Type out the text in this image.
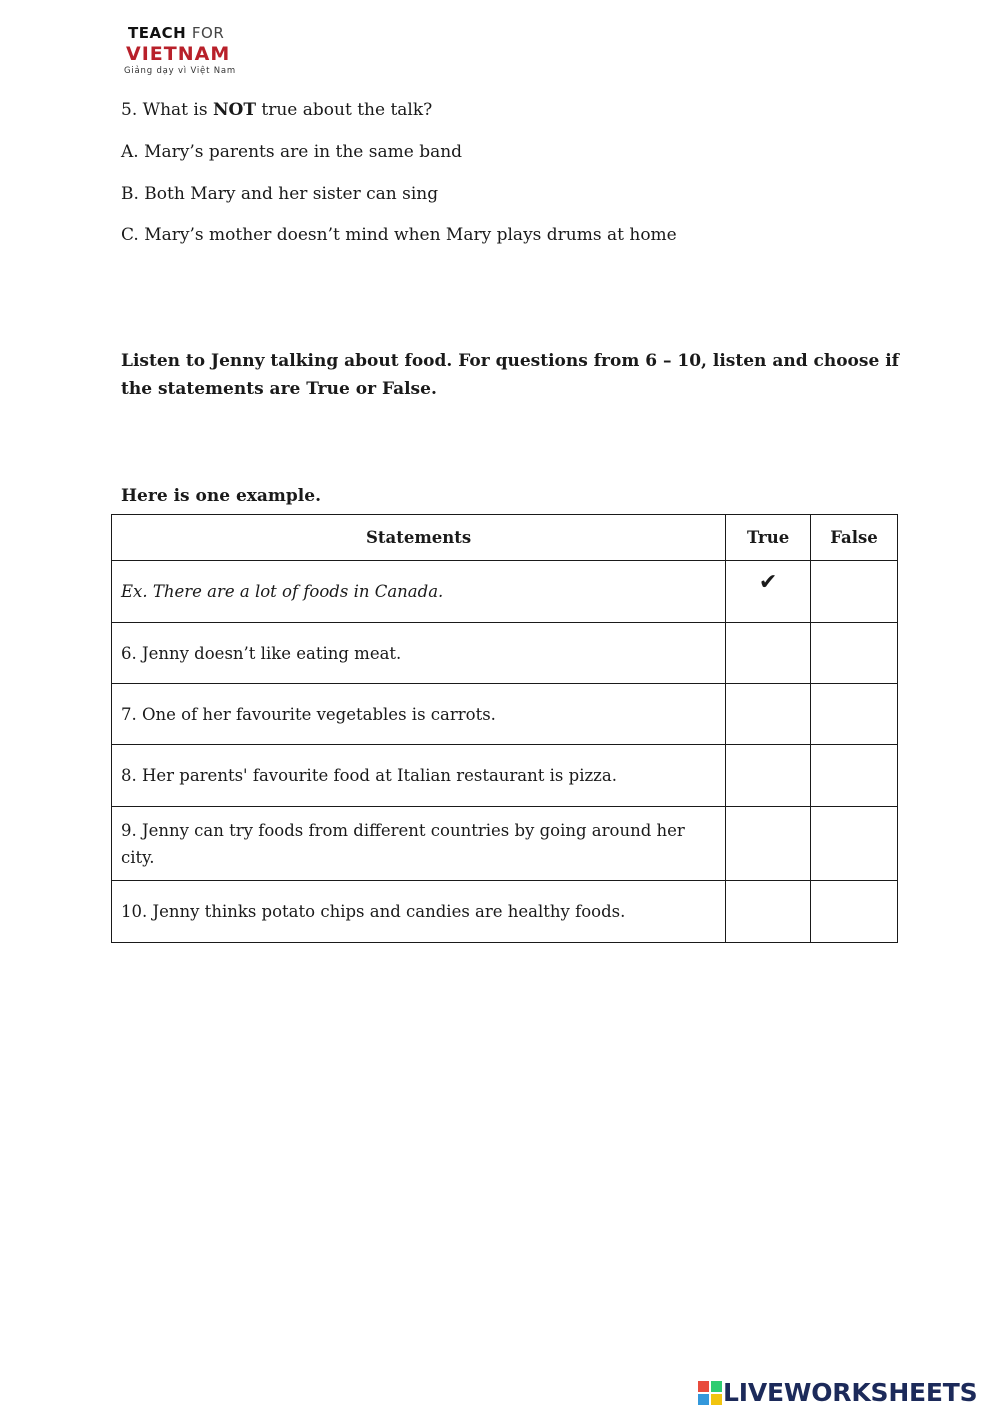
TEACH FOR
VIETNAM
Giảng dạy vì Việt Nam
5. What is NOT true about the talk?
A. Mary’s parents are in the same band
B. Both Mary and her sister can sing
C. Mary’s mother doesn’t mind when Mary plays drums at home
Listen to Jenny talking about food. For questions from 6 – 10, listen and choose if the statements are True or False.
Here is one example.
Statements	True	False
Ex. There are a lot of foods in Canada.	✔	
6. Jenny doesn’t like eating meat.		
7. One of her favourite vegetables is carrots.		
8. Her parents' favourite food at Italian restaurant is pizza.		
9. Jenny can try foods from different countries by going around her city.		
10. Jenny thinks potato chips and candies are healthy foods.		
LIVEWORKSHEETS
